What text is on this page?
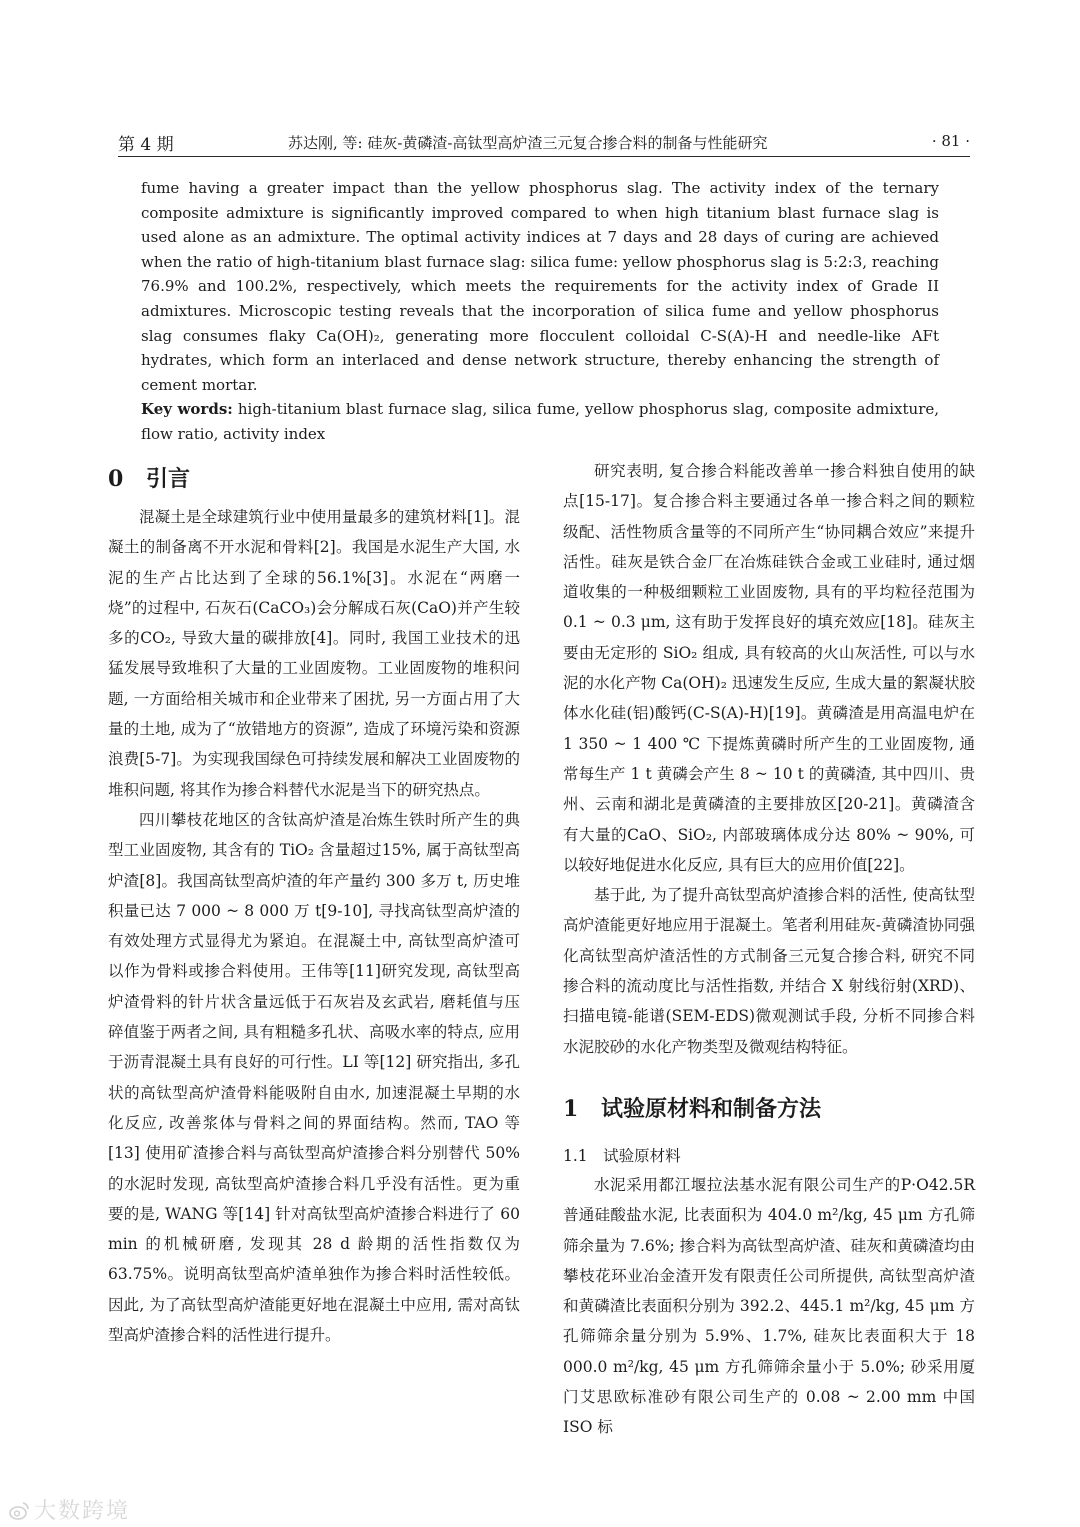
第 4 期	苏达刚, 等: 硅灰-黄磷渣-高钛型高炉渣三元复合掺合料的制备与性能研究	· 81 ·

fume having a greater impact than the yellow phosphorus slag. The activity index of the ternary composite admixture is significantly improved compared to when high titanium blast furnace slag is used alone as an admixture. The optimal activity indices at 7 days and 28 days of curing are achieved when the ratio of high-titanium blast furnace slag: silica fume: yellow phosphorus slag is 5:2:3, reaching 76.9% and 100.2%, respectively, which meets the requirements for the activity index of Grade II admixtures. Microscopic testing reveals that the incorporation of silica fume and yellow phosphorus slag consumes flaky Ca(OH)₂, generating more flocculent colloidal C-S(A)-H and needle-like AFt hydrates, which form an interlaced and dense network structure, thereby enhancing the strength of cement mortar.

Key words: high-titanium blast furnace slag, silica fume, yellow phosphorus slag, composite admixture, flow ratio, activity index

0 引言

混凝土是全球建筑行业中使用量最多的建筑材料[1]。混凝土的制备离不开水泥和骨料[2]。我国是水泥生产大国, 水泥的生产占比达到了全球的56.1%[3]。水泥在“两磨一烧”的过程中, 石灰石(CaCO₃)会分解成石灰(CaO)并产生较多的CO₂, 导致大量的碳排放[4]。同时, 我国工业技术的迅猛发展导致堆积了大量的工业固废物。工业固废物的堆积问题, 一方面给相关城市和企业带来了困扰, 另一方面占用了大量的土地, 成为了“放错地方的资源”, 造成了环境污染和资源浪费[5-7]。为实现我国绿色可持续发展和解决工业固废物的堆积问题, 将其作为掺合料替代水泥是当下的研究热点。

四川攀枝花地区的含钛高炉渣是冶炼生铁时所产生的典型工业固废物, 其含有的 TiO₂ 含量超过15%, 属于高钛型高炉渣[8]。我国高钛型高炉渣的年产量约 300 多万 t, 历史堆积量已达 7 000 ~ 8 000 万 t[9-10], 寻找高钛型高炉渣的有效处理方式显得尤为紧迫。在混凝土中, 高钛型高炉渣可以作为骨料或掺合料使用。王伟等[11]研究发现, 高钛型高炉渣骨料的针片状含量远低于石灰岩及玄武岩, 磨耗值与压碎值鉴于两者之间, 具有粗糙多孔状、高吸水率的特点, 应用于沥青混凝土具有良好的可行性。LI 等[12] 研究指出, 多孔状的高钛型高炉渣骨料能吸附自由水, 加速混凝土早期的水化反应, 改善浆体与骨料之间的界面结构。然而, TAO 等[13] 使用矿渣掺合料与高钛型高炉渣掺合料分别替代 50% 的水泥时发现, 高钛型高炉渣掺合料几乎没有活性。更为重要的是, WANG 等[14] 针对高钛型高炉渣掺合料进行了 60 min 的机械研磨, 发现其 28 d 龄期的活性指数仅为 63.75%。说明高钛型高炉渣单独作为掺合料时活性较低。因此, 为了高钛型高炉渣能更好地在混凝土中应用, 需对高钛型高炉渣掺合料的活性进行提升。

研究表明, 复合掺合料能改善单一掺合料独自使用的缺点[15-17]。复合掺合料主要通过各单一掺合料之间的颗粒级配、活性物质含量等的不同所产生“协同耦合效应”来提升活性。硅灰是铁合金厂在冶炼硅铁合金或工业硅时, 通过烟道收集的一种极细颗粒工业固废物, 具有的平均粒径范围为 0.1 ~ 0.3 μm, 这有助于发挥良好的填充效应[18]。硅灰主要由无定形的 SiO₂ 组成, 具有较高的火山灰活性, 可以与水泥的水化产物 Ca(OH)₂ 迅速发生反应, 生成大量的絮凝状胶体水化硅(铝)酸钙(C-S(A)-H)[19]。黄磷渣是用高温电炉在 1 350 ~ 1 400 ℃ 下提炼黄磷时所产生的工业固废物, 通常每生产 1 t 黄磷会产生 8 ~ 10 t 的黄磷渣, 其中四川、贵州、云南和湖北是黄磷渣的主要排放区[20-21]。黄磷渣含有大量的CaO、SiO₂, 内部玻璃体成分达 80% ~ 90%, 可以较好地促进水化反应, 具有巨大的应用价值[22]。

基于此, 为了提升高钛型高炉渣掺合料的活性, 使高钛型高炉渣能更好地应用于混凝土。笔者利用硅灰-黄磷渣协同强化高钛型高炉渣活性的方式制备三元复合掺合料, 研究不同掺合料的流动度比与活性指数, 并结合 X 射线衍射(XRD)、扫描电镜-能谱(SEM-EDS)微观测试手段, 分析不同掺合料水泥胶砂的水化产物类型及微观结构特征。

1 试验原材料和制备方法
1.1　试验原材料

水泥采用都江堰拉法基水泥有限公司生产的P·O42.5R 普通硅酸盐水泥, 比表面积为 404.0 m²/kg, 45 μm 方孔筛筛余量为 7.6%; 掺合料为高钛型高炉渣、硅灰和黄磷渣均由攀枝花环业冶金渣开发有限责任公司所提供, 高钛型高炉渣和黄磷渣比表面积分别为 392.2、445.1 m²/kg, 45 μm 方孔筛筛余量分别为 5.9%、1.7%, 硅灰比表面积大于 18 000.0 m²/kg, 45 μm 方孔筛筛余量小于 5.0%; 砂采用厦门艾思欧标准砂有限公司生产的 0.08 ~ 2.00 mm 中国 ISO 标

大数跨境
